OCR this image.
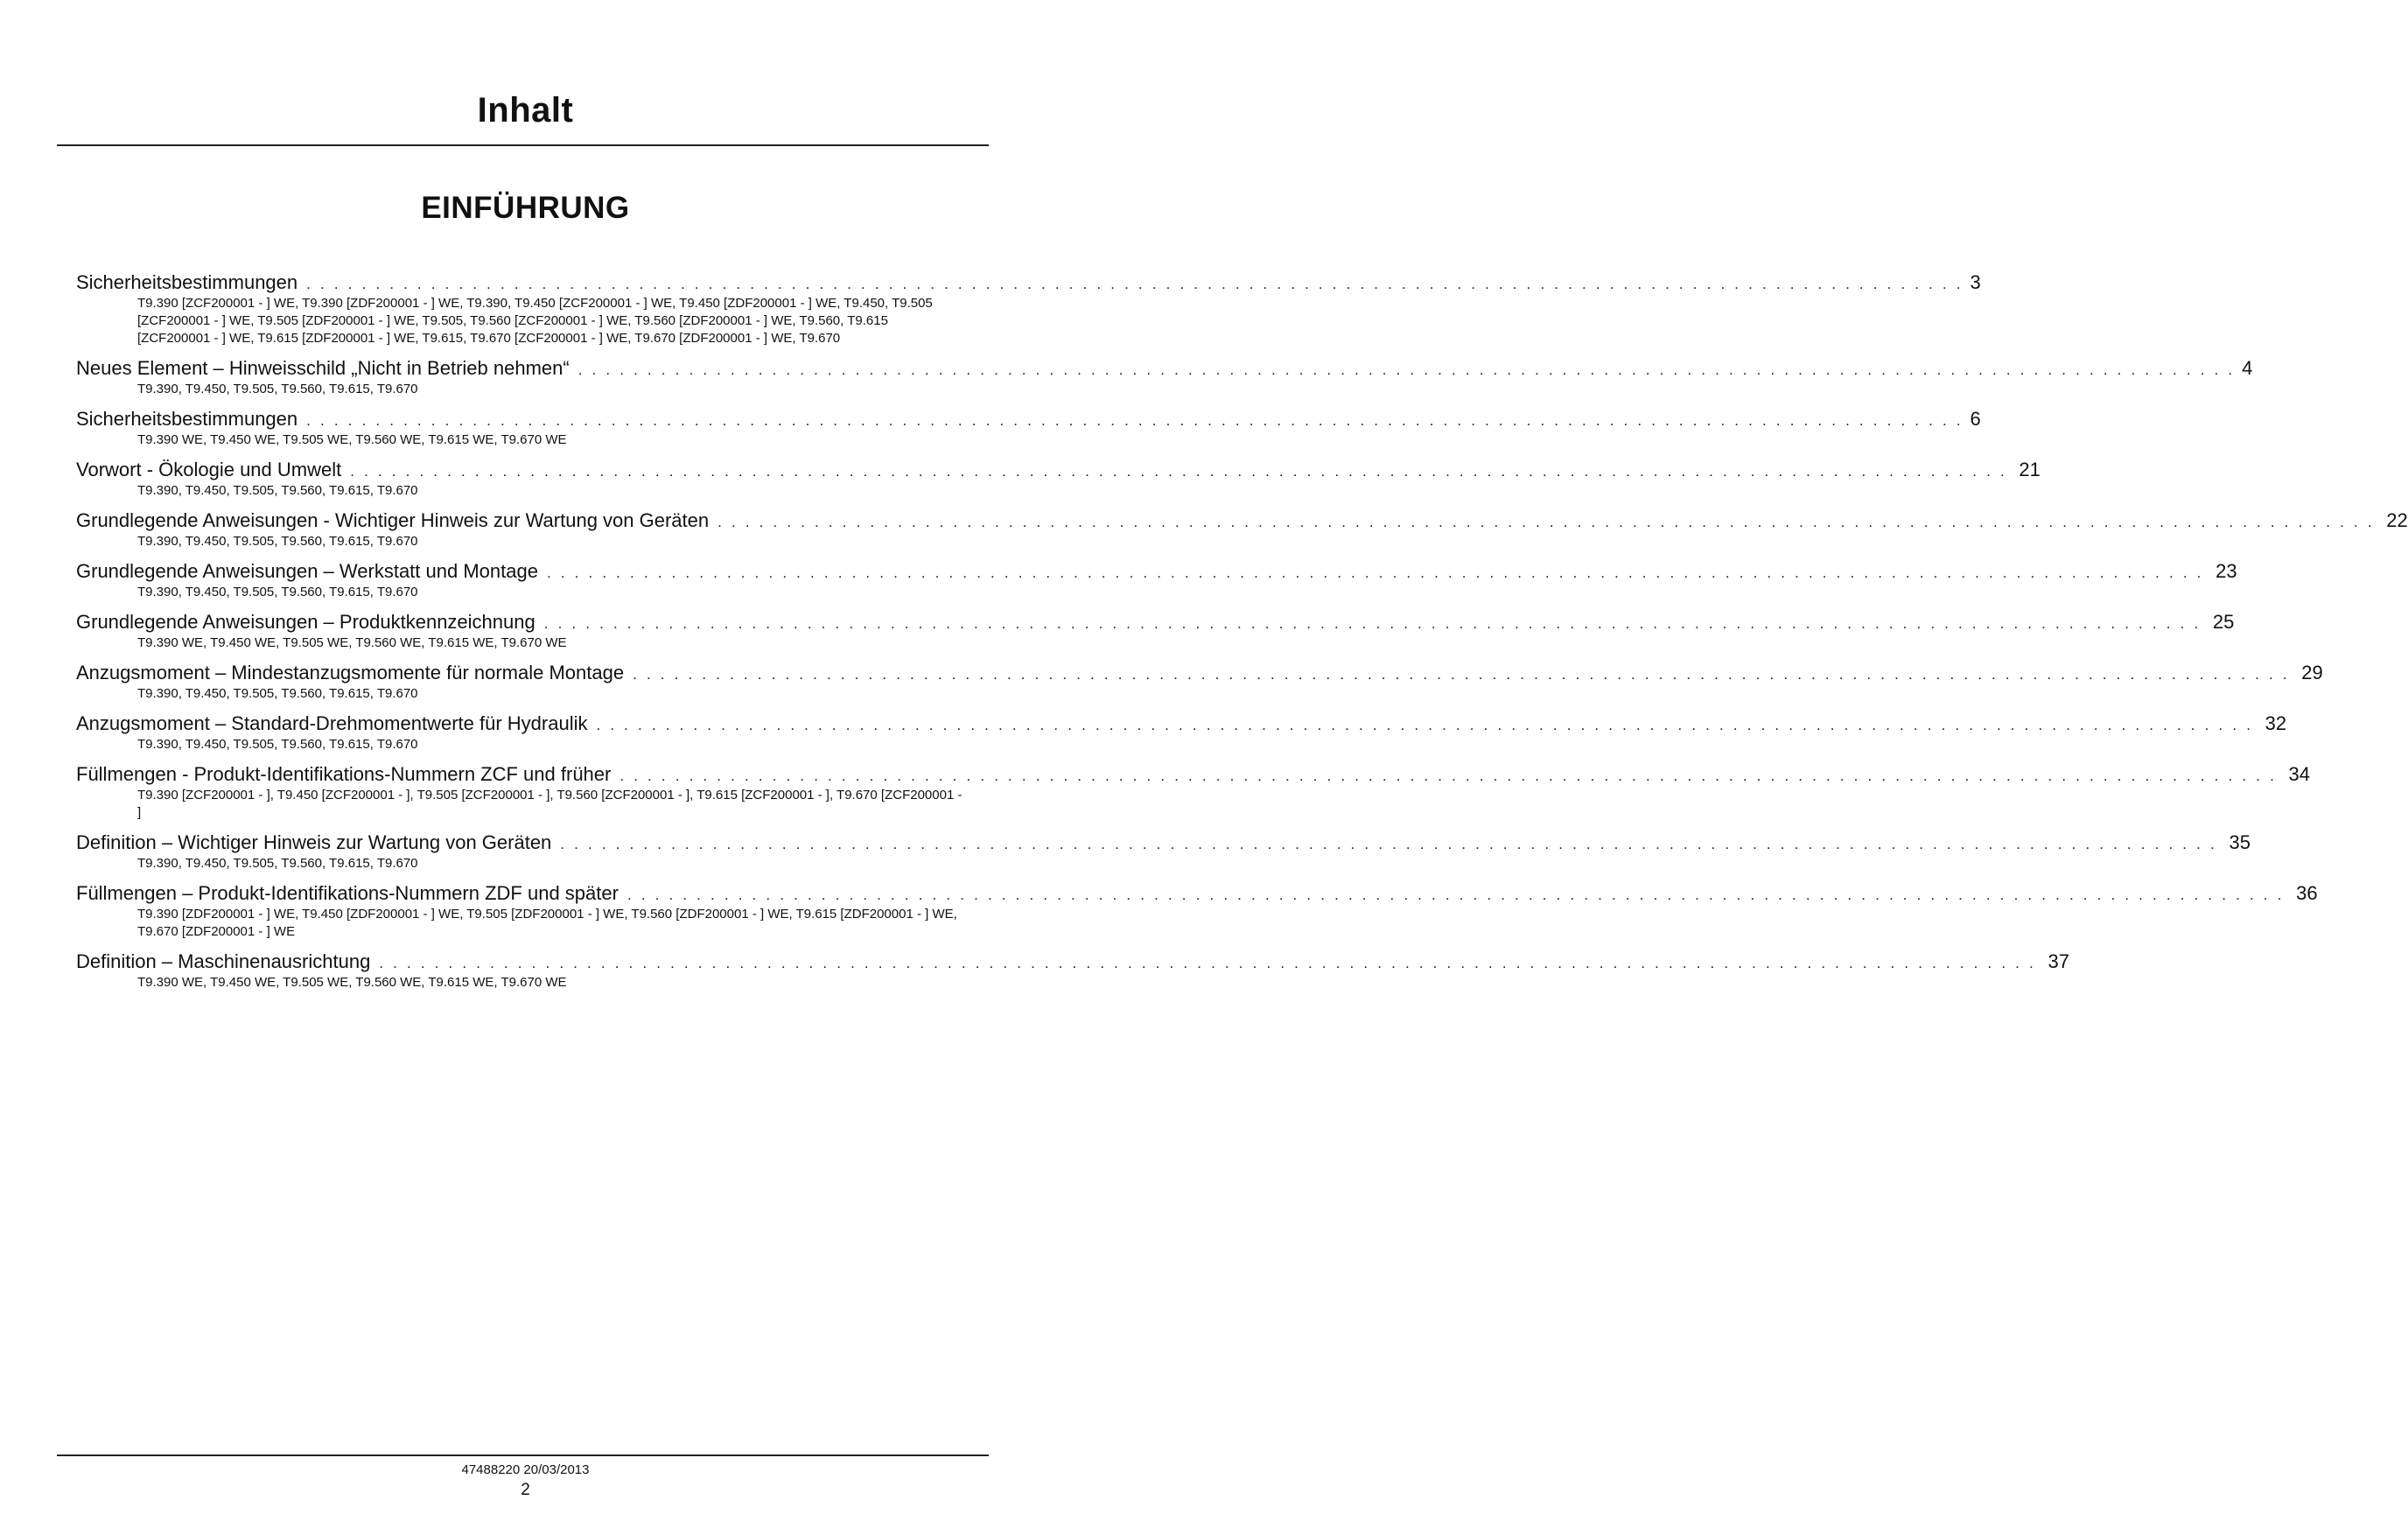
Inhalt
EINFÜHRUNG
Sicherheitsbestimmungen . . . . . . . . . . . . . . . . . . . . . . . . . . . . . . . . . . . . . . . . . . . . . . . . . . . . . . . . . . . . . . . . . . . . . . . . . . . . . . . . . . . . . . . . . . . . . . . . . . . . . . . . . . . . . . . . . . . . . . . . 3
T9.390 [ZCF200001 - ] WE, T9.390 [ZDF200001 - ] WE, T9.390, T9.450 [ZCF200001 - ] WE, T9.450 [ZDF200001 - ] WE, T9.450, T9.505 [ZCF200001 - ] WE, T9.505 [ZDF200001 - ] WE, T9.505, T9.560 [ZCF200001 - ] WE, T9.560 [ZDF200001 - ] WE, T9.560, T9.615 [ZCF200001 - ] WE, T9.615 [ZDF200001 - ] WE, T9.615, T9.670 [ZCF200001 - ] WE, T9.670 [ZDF200001 - ] WE, T9.670
Neues Element – Hinweisschild „Nicht in Betrieb nehmen“ . . . . . . . . . . . . . . . . . . . . . . . . . . . . . . . . . . . . . . . . . . . . . . . . . . . . . . . . . . . . . . . . . . . . . . . . . . . . . . . . . . . . . . . . . . . . . . . . . . . . . . . . . . . . . . . . . . . . . . . . 4
T9.390, T9.450, T9.505, T9.560, T9.615, T9.670
Sicherheitsbestimmungen . . . . . . . . . . . . . . . . . . . . . . . . . . . . . . . . . . . . . . . . . . . . . . . . . . . . . . . . . . . . . . . . . . . . . . . . . . . . . . . . . . . . . . . . . . . . . . . . . . . . . . . . . . . . . . . . . . . . . . . . 6
T9.390 WE, T9.450 WE, T9.505 WE, T9.560 WE, T9.615 WE, T9.670 WE
Vorwort - Ökologie und Umwelt . . . . . . . . . . . . . . . . . . . . . . . . . . . . . . . . . . . . . . . . . . . . . . . . . . . . . . . . . . . . . . . . . . . . . . . . . . . . . . . . . . . . . . . . . . . . . . . . . . . . . . . . . . . . . . . . . . . . . . . . 21
T9.390, T9.450, T9.505, T9.560, T9.615, T9.670
Grundlegende Anweisungen - Wichtiger Hinweis zur Wartung von Geräten . . . . . . . . . . . . . . . . . . . . . . . . . . . . . . . . . . . . . . . . . . . . . . . . . . . . . . . . . . . . . . . . . . . . . . . . . . . . . . . . . . . . . . . . . . . . . . . . . . . . . . . . . . . . . . . . . . . . . . . . 22
T9.390, T9.450, T9.505, T9.560, T9.615, T9.670
Grundlegende Anweisungen – Werkstatt und Montage . . . . . . . . . . . . . . . . . . . . . . . . . . . . . . . . . . . . . . . . . . . . . . . . . . . . . . . . . . . . . . . . . . . . . . . . . . . . . . . . . . . . . . . . . . . . . . . . . . . . . . . . . . . . . . . . . . . . . . . . 23
T9.390, T9.450, T9.505, T9.560, T9.615, T9.670
Grundlegende Anweisungen – Produktkennzeichnung . . . . . . . . . . . . . . . . . . . . . . . . . . . . . . . . . . . . . . . . . . . . . . . . . . . . . . . . . . . . . . . . . . . . . . . . . . . . . . . . . . . . . . . . . . . . . . . . . . . . . . . . . . . . . . . . . . . . . . . . 25
T9.390 WE, T9.450 WE, T9.505 WE, T9.560 WE, T9.615 WE, T9.670 WE
Anzugsmoment – Mindestanzugsmomente für normale Montage . . . . . . . . . . . . . . . . . . . . . . . . . . . . . . . . . . . . . . . . . . . . . . . . . . . . . . . . . . . . . . . . . . . . . . . . . . . . . . . . . . . . . . . . . . . . . . . . . . . . . . . . . . . . . . . . . . . . . . . . 29
T9.390, T9.450, T9.505, T9.560, T9.615, T9.670
Anzugsmoment – Standard-Drehmomentwerte für Hydraulik . . . . . . . . . . . . . . . . . . . . . . . . . . . . . . . . . . . . . . . . . . . . . . . . . . . . . . . . . . . . . . . . . . . . . . . . . . . . . . . . . . . . . . . . . . . . . . . . . . . . . . . . . . . . . . . . . . . . . . . . 32
T9.390, T9.450, T9.505, T9.560, T9.615, T9.670
Füllmengen - Produkt-Identifikations-Nummern ZCF und früher . . . . . . . . . . . . . . . . . . . . . . . . . . . . . . . . . . . . . . . . . . . . . . . . . . . . . . . . . . . . . . . . . . . . . . . . . . . . . . . . . . . . . . . . . . . . . . . . . . . . . . . . . . . . . . . . . . . . . . . . 34
T9.390 [ZCF200001 - ], T9.450 [ZCF200001 - ], T9.505 [ZCF200001 - ], T9.560 [ZCF200001 - ], T9.615 [ZCF200001 - ], T9.670 [ZCF200001 - ]
Definition – Wichtiger Hinweis zur Wartung von Geräten . . . . . . . . . . . . . . . . . . . . . . . . . . . . . . . . . . . . . . . . . . . . . . . . . . . . . . . . . . . . . . . . . . . . . . . . . . . . . . . . . . . . . . . . . . . . . . . . . . . . . . . . . . . . . . . . . . . . . . . . 35
T9.390, T9.450, T9.505, T9.560, T9.615, T9.670
Füllmengen – Produkt-Identifikations-Nummern ZDF und später . . . . . . . . . . . . . . . . . . . . . . . . . . . . . . . . . . . . . . . . . . . . . . . . . . . . . . . . . . . . . . . . . . . . . . . . . . . . . . . . . . . . . . . . . . . . . . . . . . . . . . . . . . . . . . . . . . . . . . . . 36
T9.390 [ZDF200001 - ] WE, T9.450 [ZDF200001 - ] WE, T9.505 [ZDF200001 - ] WE, T9.560 [ZDF200001 - ] WE, T9.615 [ZDF200001 - ] WE, T9.670 [ZDF200001 - ] WE
Definition – Maschinenausrichtung . . . . . . . . . . . . . . . . . . . . . . . . . . . . . . . . . . . . . . . . . . . . . . . . . . . . . . . . . . . . . . . . . . . . . . . . . . . . . . . . . . . . . . . . . . . . . . . . . . . . . . . . . . . . . . . . . . . . . . . . 37
T9.390 WE, T9.450 WE, T9.505 WE, T9.560 WE, T9.615 WE, T9.670 WE
47488220 20/03/2013
2
